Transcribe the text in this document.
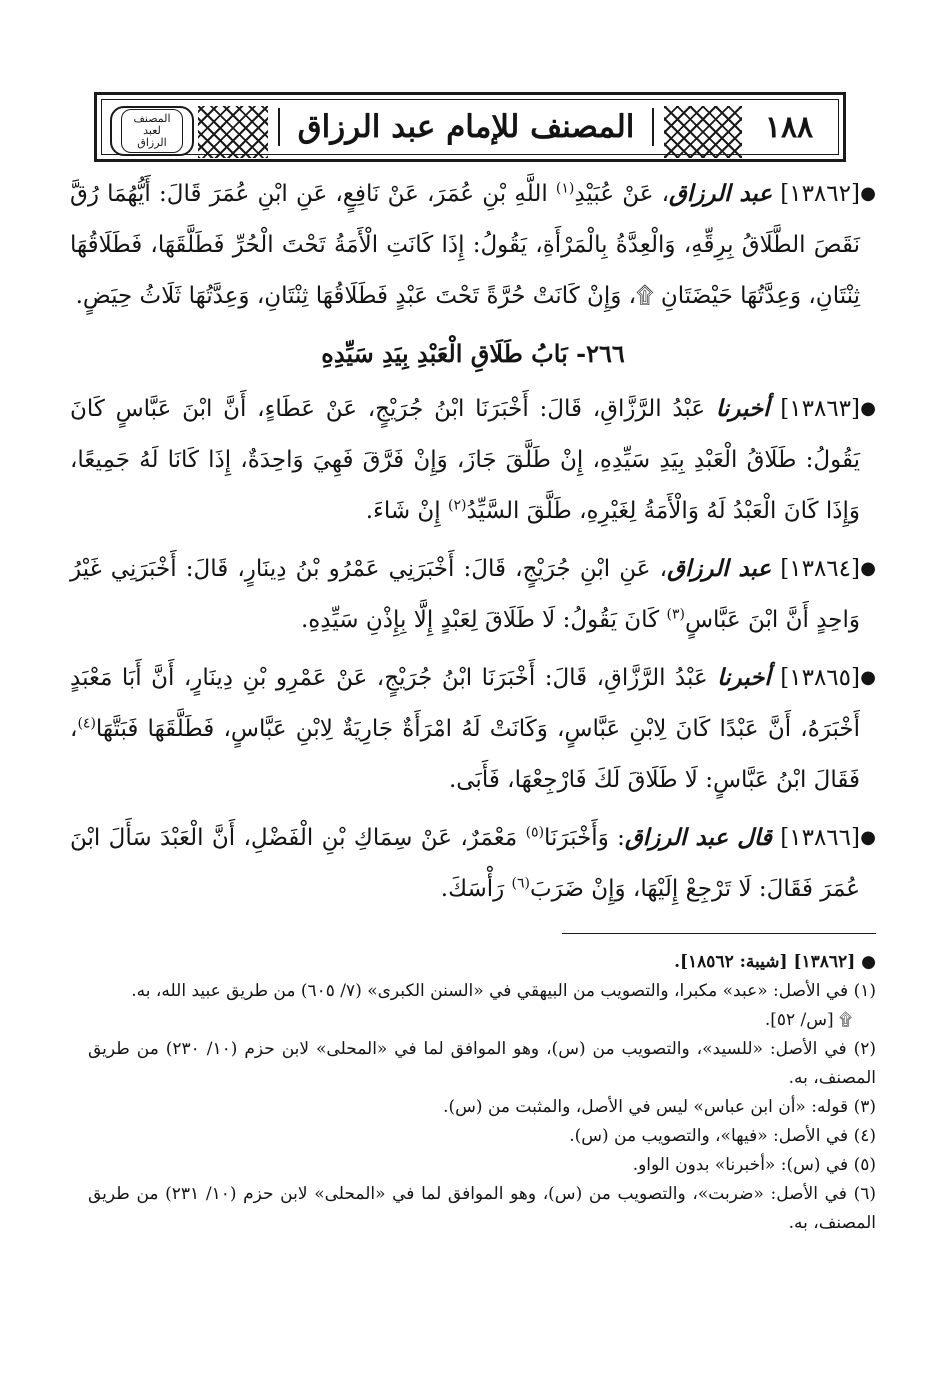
١٨٨
المصنف للإمام عبد الرزاق
المصنف
لعبد الرزاق

●
[١٣٨٦٢] عبد الرزاق، عَنْ عُبَيْدِ$^{(١)}$ اللَّهِ بْنِ عُمَرَ، عَنْ نَافِعٍ، عَنِ ابْنِ عُمَرَ قَالَ: أَيُّهُمَا رُقَّ نَقَصَ الطَّلَاقُ بِرِقِّهِ، وَالْعِدَّةُ بِالْمَرْأَةِ، يَقُولُ: إِذَا كَانَتِ الْأَمَةُ تَحْتَ الْحُرِّ فَطَلَّقَهَا، فَطَلَاقُهَا ثِنْتَانِ، وَعِدَّتُهَا حَيْضَتَانِ ۩، وَإِنْ كَانَتْ حُرَّةً تَحْتَ عَبْدٍ فَطَلَاقُهَا ثِنْتَانِ، وَعِدَّتُهَا ثَلَاثُ حِيَضٍ.

٢٦٦- بَابُ طَلَاقِ الْعَبْدِ بِيَدِ سَيِّدِهِ

●
[١٣٨٦٣] أخبرنا عَبْدُ الرَّزَّاقِ، قَالَ: أَخْبَرَنَا ابْنُ جُرَيْجٍ، عَنْ عَطَاءٍ، أَنَّ ابْنَ عَبَّاسٍ كَانَ يَقُولُ: طَلَاقُ الْعَبْدِ بِيَدِ سَيِّدِهِ، إِنْ طَلَّقَ جَازَ، وَإِنْ فَرَّقَ فَهِيَ وَاحِدَةٌ، إِذَا كَانَا لَهُ جَمِيعًا، وَإِذَا كَانَ الْعَبْدُ لَهُ وَالْأَمَةُ لِغَيْرِهِ، طَلَّقَ السَّيِّدُ$^{(٢)}$ إِنْ شَاءَ.

●
[١٣٨٦٤] عبد الرزاق، عَنِ ابْنِ جُرَيْجٍ، قَالَ: أَخْبَرَنِي عَمْرُو بْنُ دِينَارٍ، قَالَ: أَخْبَرَنِي غَيْرُ وَاحِدٍ أَنَّ ابْنَ عَبَّاسٍ$^{(٣)}$ كَانَ يَقُولُ: لَا طَلَاقَ لِعَبْدٍ إِلَّا بِإِذْنِ سَيِّدِهِ.

●
[١٣٨٦٥] أخبرنا عَبْدُ الرَّزَّاقِ، قَالَ: أَخْبَرَنَا ابْنُ جُرَيْجٍ، عَنْ عَمْرِو بْنِ دِينَارٍ، أَنَّ أَبَا مَعْبَدٍ أَخْبَرَهُ، أَنَّ عَبْدًا كَانَ لِابْنِ عَبَّاسٍ، وَكَانَتْ لَهُ امْرَأَةٌ جَارِيَةٌ لِابْنِ عَبَّاسٍ، فَطَلَّقَهَا فَبَتَّهَا$^{(٤)}$، فَقَالَ ابْنُ عَبَّاسٍ: لَا طَلَاقَ لَكَ فَارْجِعْهَا، فَأَبَى.

●
[١٣٨٦٦] قال عبد الرزاق: وَأَخْبَرَنَا$^{(٥)}$ مَعْمَرٌ، عَنْ سِمَاكِ بْنِ الْفَضْلِ، أَنَّ الْعَبْدَ سَأَلَ ابْنَ عُمَرَ فَقَالَ: لَا تَرْجِعْ إِلَيْهَا، وَإِنْ ضَرَبَ$^{(٦)}$ رَأْسَكَ.

● [١٣٨٦٢] [شيبة: ١٨٥٦٢].

(١) في الأصل: «عبد» مكبرا، والتصويب من البيهقي في «السنن الكبرى» (٧/ ٦٠٥) من طريق عبيد الله، به.

۩ [س/ ٥٢].

(٢) في الأصل: «للسيد»، والتصويب من (س)، وهو الموافق لما في «المحلى» لابن حزم (١٠/ ٢٣٠) من طريق المصنف، به.

(٣) قوله: «أن ابن عباس» ليس في الأصل، والمثبت من (س).

(٤) في الأصل: «فيها»، والتصويب من (س).

(٥) في (س): «أخبرنا» بدون الواو.

(٦) في الأصل: «ضربت»، والتصويب من (س)، وهو الموافق لما في «المحلى» لابن حزم (١٠/ ٢٣١) من طريق المصنف، به.
